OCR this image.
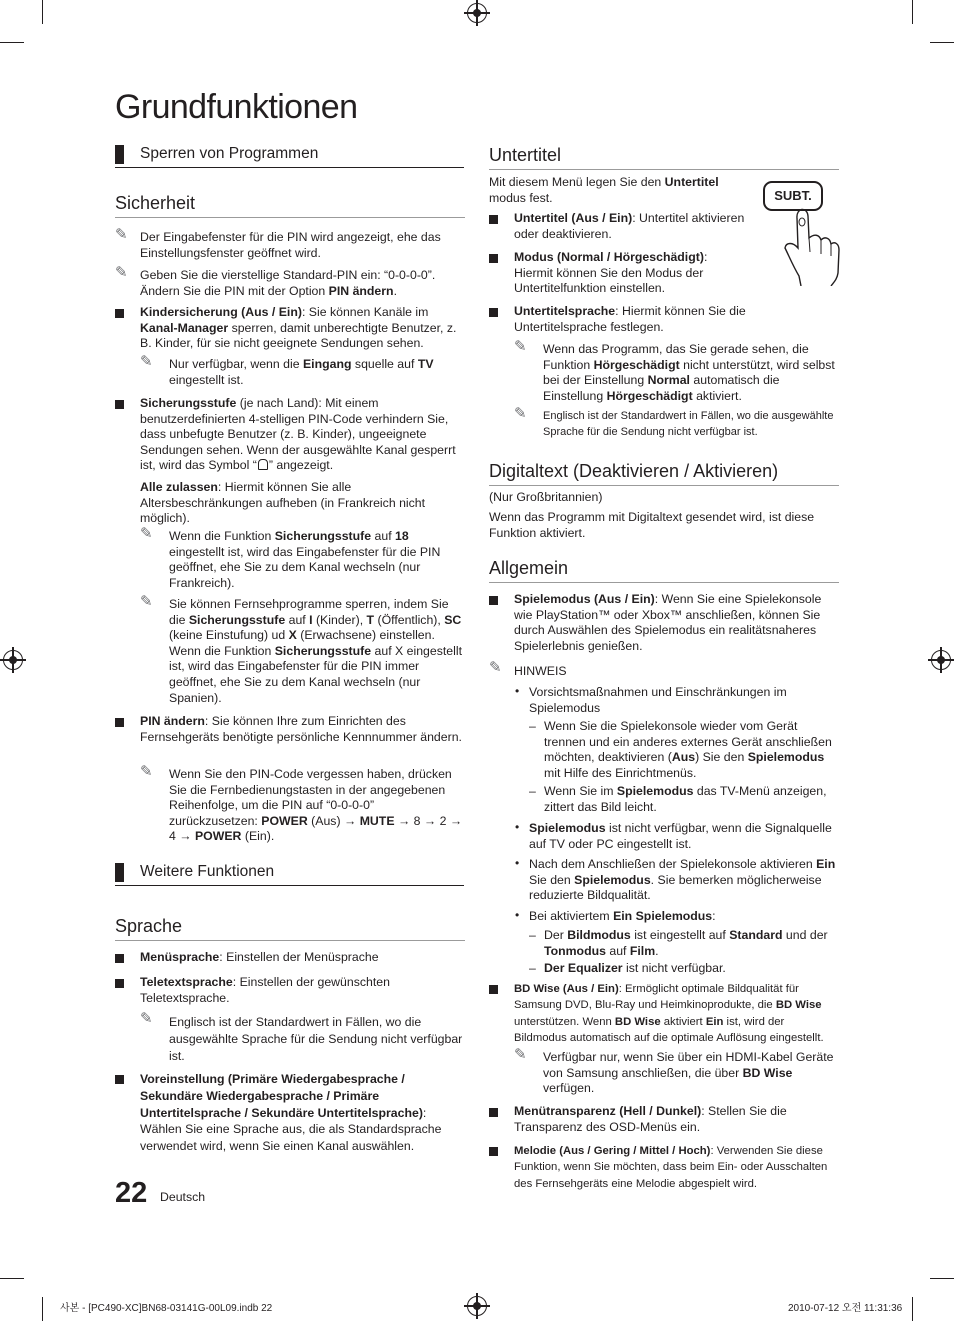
Grundfunktionen
Sperren von Programmen
Sicherheit
✎ Der Eingabefenster für die PIN wird angezeigt, ehe das Einstellungsfenster geöffnet wird.
✎ Geben Sie die vierstellige Standard-PIN ein: “0-0-0-0”. Ändern Sie die PIN mit der Option PIN ändern.
Kindersicherung (Aus / Ein): Sie können Kanäle im Kanal-Manager sperren, damit unberechtigte Benutzer, z. B. Kinder, für sie nicht geeignete Sendungen sehen.
✎ Nur verfügbar, wenn die Eingang squelle auf TV eingestellt ist.
Sicherungsstufe (je nach Land): Mit einem benutzerdefinierten 4-stelligen PIN-Code verhindern Sie, dass unbefugte Benutzer (z. B. Kinder), ungeeignete Sendungen sehen. Wenn der ausgewählte Kanal gesperrt ist, wird das Symbol “ ” angezeigt.
Alle zulassen: Hiermit können Sie alle Altersbeschränkungen aufheben (in Frankreich nicht möglich).
✎ Wenn die Funktion Sicherungsstufe auf 18 eingestellt ist, wird das Eingabefenster für die PIN geöffnet, ehe Sie zu dem Kanal wechseln (nur Frankreich).
✎ Sie können Fernsehprogramme sperren, indem Sie die Sicherungsstufe auf I (Kinder), T (Öffentlich), SC (keine Einstufung) ud X (Erwachsene) einstellen. Wenn die Funktion Sicherungsstufe auf X eingestellt ist, wird das Eingabefenster für die PIN immer geöffnet, ehe Sie zu dem Kanal wechseln (nur Spanien).
PIN ändern: Sie können Ihre zum Einrichten des Fernsehgeräts benötigte persönliche Kennnummer ändern.
✎ Wenn Sie den PIN-Code vergessen haben, drücken Sie die Fernbedienungstasten in der angegebenen Reihenfolge, um die PIN auf “0-0-0-0” zurückzusetzen: POWER (Aus) → MUTE → 8 → 2 → 4 → POWER (Ein).
Weitere Funktionen
Sprache
Menüsprache: Einstellen der Menüsprache
Teletextsprache: Einstellen der gewünschten Teletextsprache.
✎ Englisch ist der Standardwert in Fällen, wo die ausgewählte Sprache für die Sendung nicht verfügbar ist.
Voreinstellung (Primäre Wiedergabesprache / Sekundäre Wiedergabesprache / Primäre Untertitelsprache / Sekundäre Untertitelsprache): Wählen Sie eine Sprache aus, die als Standardsprache verwendet wird, wenn Sie einen Kanal auswählen.
Untertitel
Mit diesem Menü legen Sie den Untertitel modus fest.	SUBT.
Untertitel (Aus / Ein): Untertitel aktivieren oder deaktivieren.
Modus (Normal / Hörgeschädigt): Hiermit können Sie den Modus der Untertitelfunktion einstellen.
Untertitelsprache: Hiermit können Sie die Untertitelsprache festlegen.
✎ Wenn das Programm, das Sie gerade sehen, die Funktion Hörgeschädigt nicht unterstützt, wird selbst bei der Einstellung Normal automatisch die Einstellung Hörgeschädigt aktiviert.
✎ Englisch ist der Standardwert in Fällen, wo die ausgewählte Sprache für die Sendung nicht verfügbar ist.
Digitaltext (Deaktivieren / Aktivieren)
(Nur Großbritannien)
Wenn das Programm mit Digitaltext gesendet wird, ist diese Funktion aktiviert.
Allgemein
Spielemodus (Aus / Ein): Wenn Sie eine Spielekonsole wie PlayStation™ oder Xbox™ anschließen, können Sie durch Auswählen des Spielemodus ein realitätsnaheres Spielerlebnis genießen.
✎ HINWEIS
• Vorsichtsmaßnahmen und Einschränkungen im Spielemodus
– Wenn Sie die Spielekonsole wieder vom Gerät trennen und ein anderes externes Gerät anschließen möchten, deaktivieren (Aus) Sie den Spielemodus mit Hilfe des Einrichtmenüs.
– Wenn Sie im Spielemodus das TV-Menü anzeigen, zittert das Bild leicht.
• Spielemodus ist nicht verfügbar, wenn die Signalquelle auf TV oder PC eingestellt ist.
• Nach dem Anschließen der Spielekonsole aktivieren Ein Sie den Spielemodus. Sie bemerken möglicherweise reduzierte Bildqualität.
• Bei aktiviertem Ein Spielemodus:
– Der Bildmodus ist eingestellt auf Standard und der Tonmodus auf Film.
– Der Equalizer ist nicht verfügbar.
BD Wise (Aus / Ein): Ermöglicht optimale Bildqualität für Samsung DVD, Blu-Ray und Heimkinoprodukte, die BD Wise unterstützen. Wenn BD Wise aktiviert Ein ist, wird der Bildmodus automatisch auf die optimale Auflösung eingestellt.
✎ Verfügbar nur, wenn Sie über ein HDMI-Kabel Geräte von Samsung anschließen, die über BD Wise verfügen.
Menütransparenz (Hell / Dunkel): Stellen Sie die Transparenz des OSD-Menüs ein.
Melodie (Aus / Gering / Mittel / Hoch): Verwenden Sie diese Funktion, wenn Sie möchten, dass beim Ein- oder Ausschalten des Fernsehgeräts eine Melodie abgespielt wird.
22 Deutsch
사본 - [PC490-XC]BN68-03141G-00L09.indb 22	2010-07-12 오전 11:31:36
